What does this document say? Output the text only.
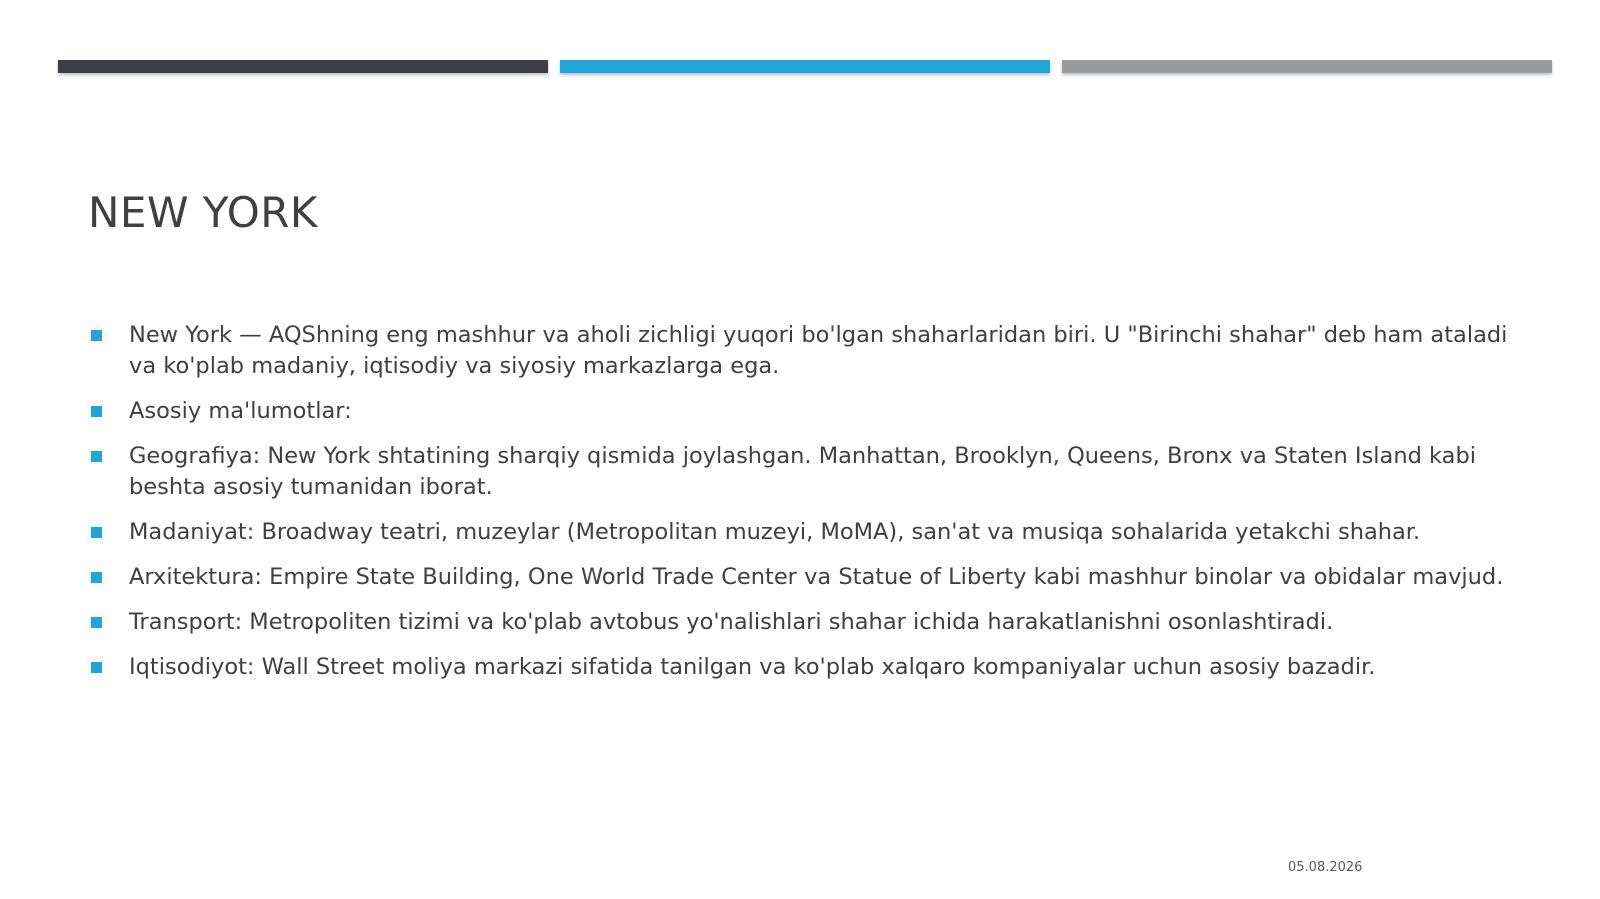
NEW YORK
New York — AQShning eng mashhur va aholi zichligi yuqori bo'lgan shaharlaridan biri. U "Birinchi shahar" deb ham ataladi va ko'plab madaniy, iqtisodiy va siyosiy markazlarga ega.
Asosiy ma'lumotlar:
Geografiya: New York shtatining sharqiy qismida joylashgan. Manhattan, Brooklyn, Queens, Bronx va Staten Island kabi beshta asosiy tumanidan iborat.
Madaniyat: Broadway teatri, muzeylar (Metropolitan muzeyi, MoMA), san'at va musiqa sohalarida yetakchi shahar.
Arxitektura: Empire State Building, One World Trade Center va Statue of Liberty kabi mashhur binolar va obidalar mavjud.
Transport: Metropoliten tizimi va ko'plab avtobus yo'nalishlari shahar ichida harakatlanishni osonlashtiradi.
Iqtisodiyot: Wall Street moliya markazi sifatida tanilgan va ko'plab xalqaro kompaniyalar uchun asosiy bazadir.
05.08.2026
